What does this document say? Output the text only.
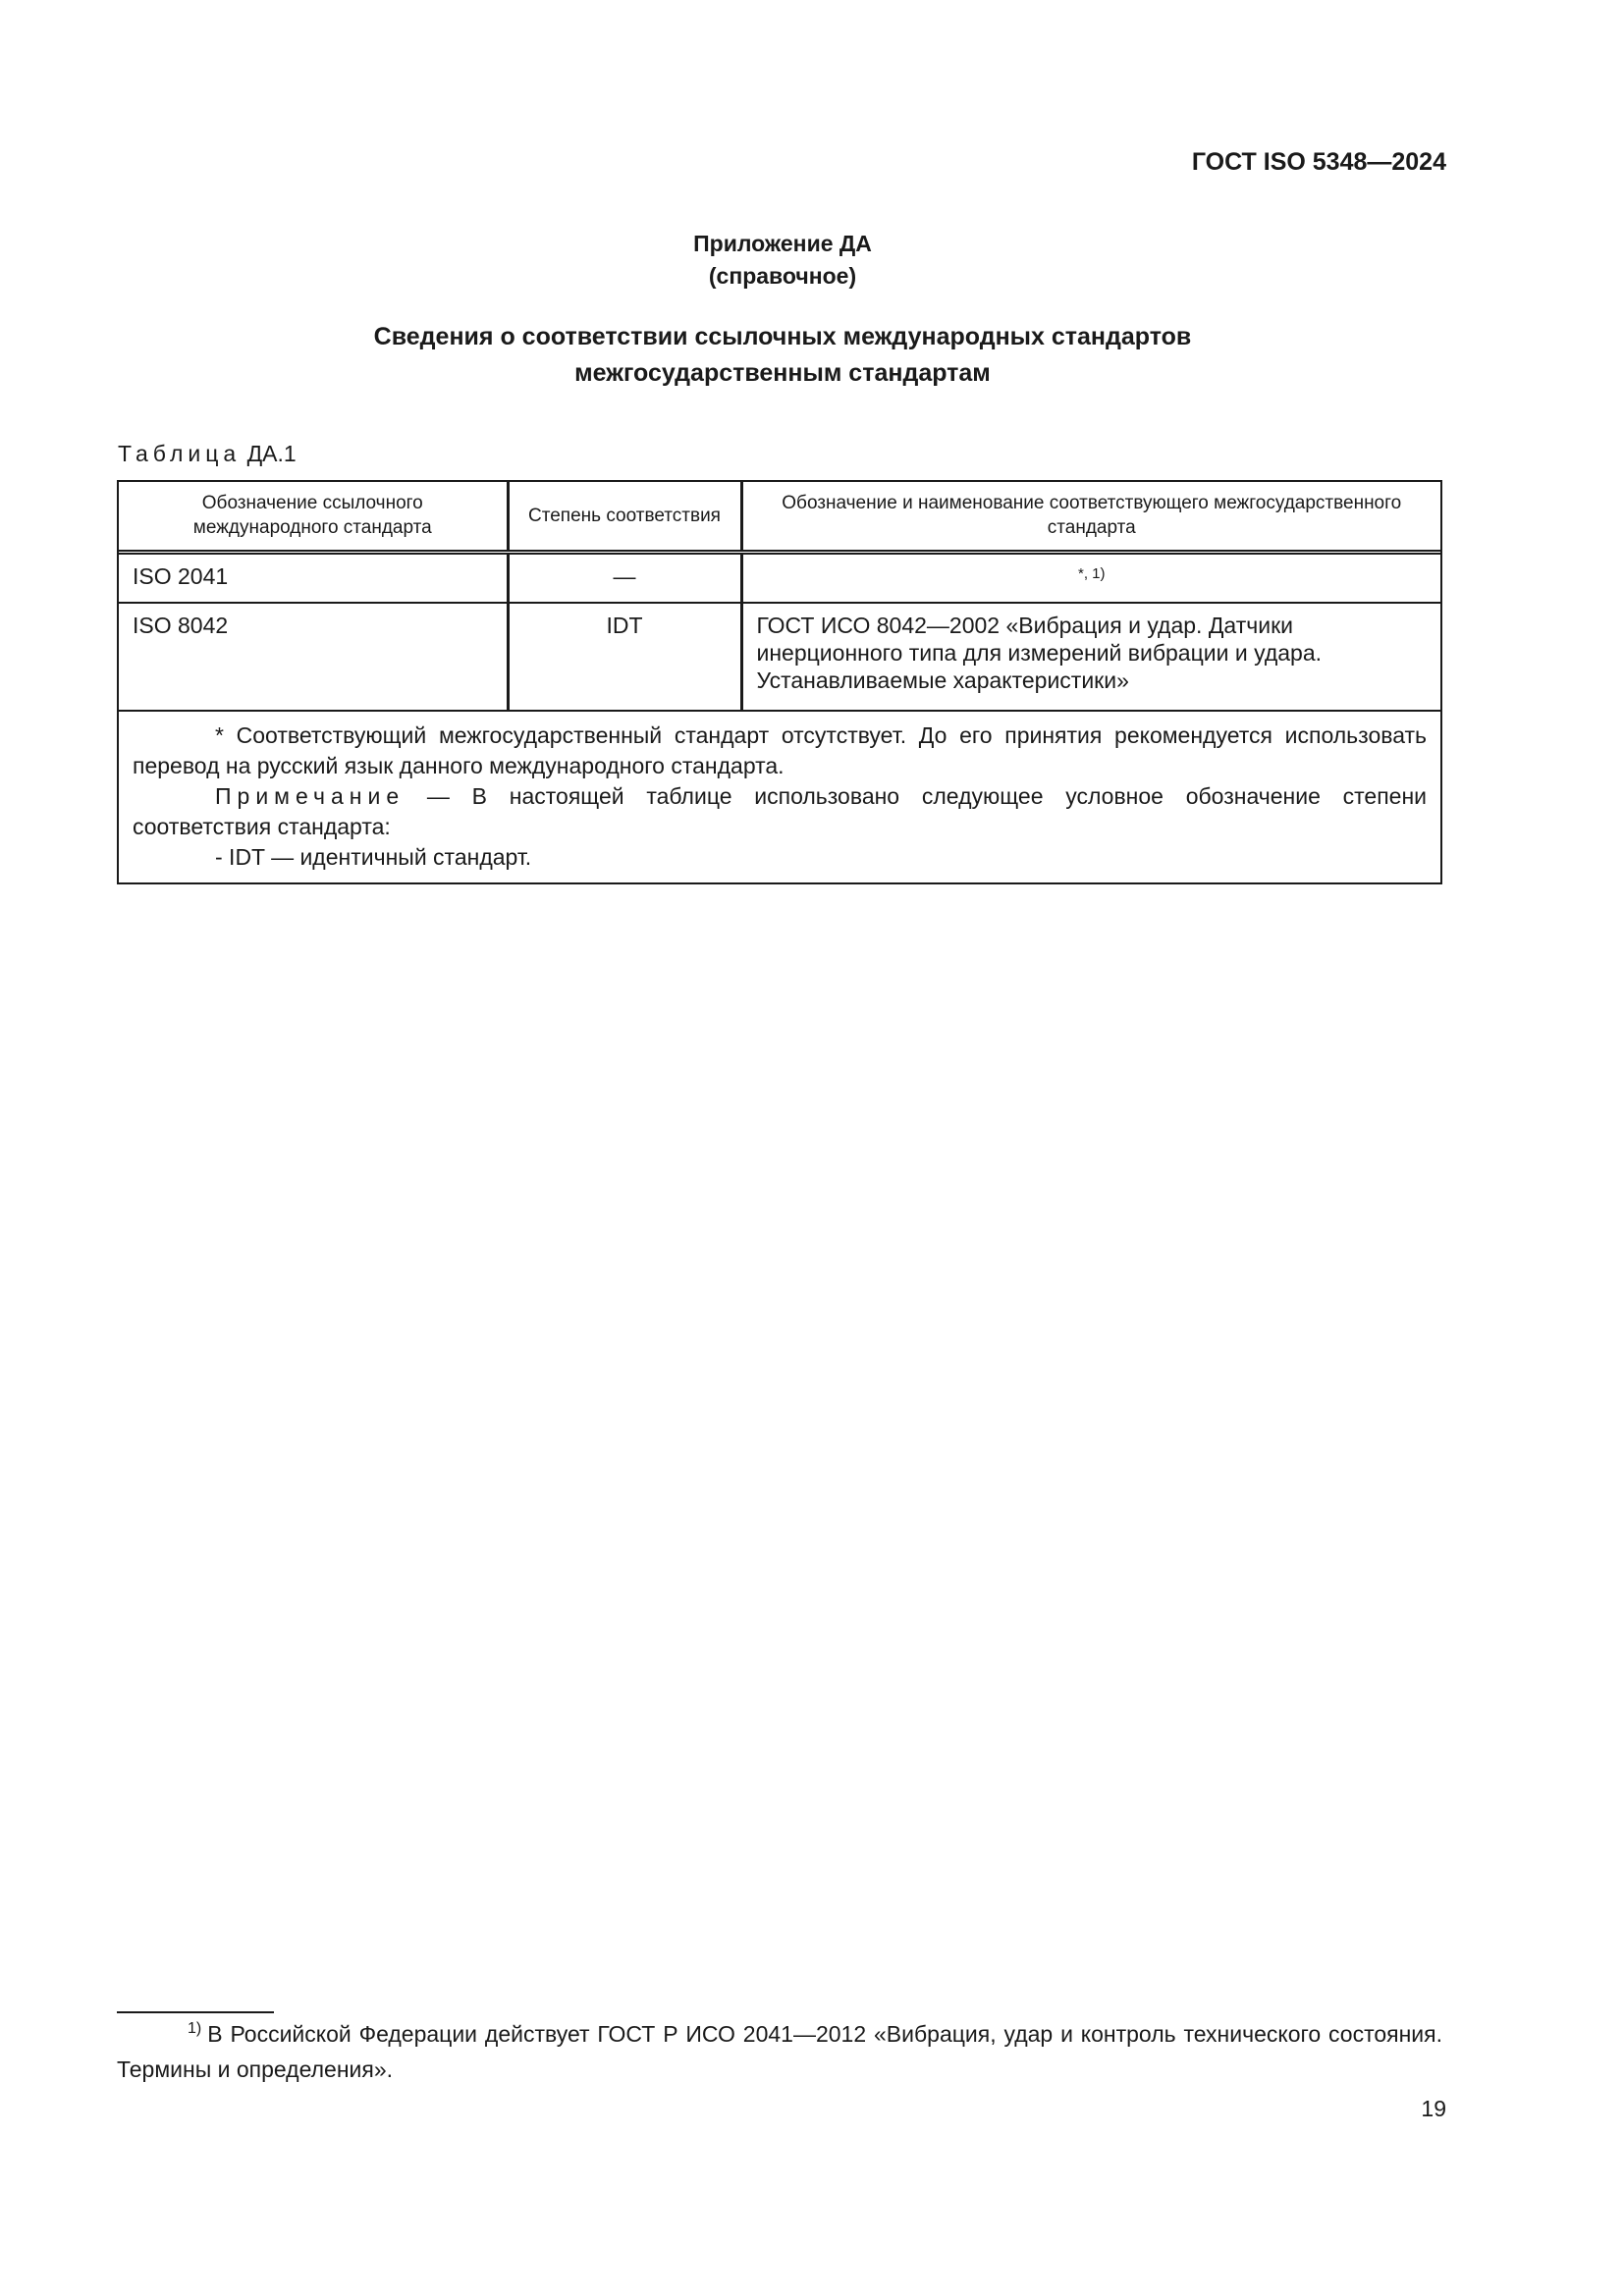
ГОСТ ISO 5348—2024
Приложение ДА
(справочное)
Сведения о соответствии ссылочных международных стандартов
межгосударственным стандартам
Таблица ДА.1
Обозначение ссылочного международного стандарта	Степень соответствия	Обозначение и наименование соответствующего межгосударственного стандарта
ISO 2041	—	$^{*, 1)}$
ISO 8042	IDT	ГОСТ ИСО 8042—2002 «Вибрация и удар. Датчики инерционного типа для измерений вибрации и удара. Устанавливаемые характеристики»

* Соответствующий межгосударственный стандарт отсутствует. До его принятия рекомендуется использовать перевод на русский язык данного международного стандарта.

Примечание — В настоящей таблице использовано следующее условное обозначение степени соответствия стандарта:

- IDT — идентичный стандарт.

$^{1)}$ В Российской Федерации действует ГОСТ Р ИСО 2041—2012 «Вибрация, удар и контроль технического состояния. Термины и определения».
19
